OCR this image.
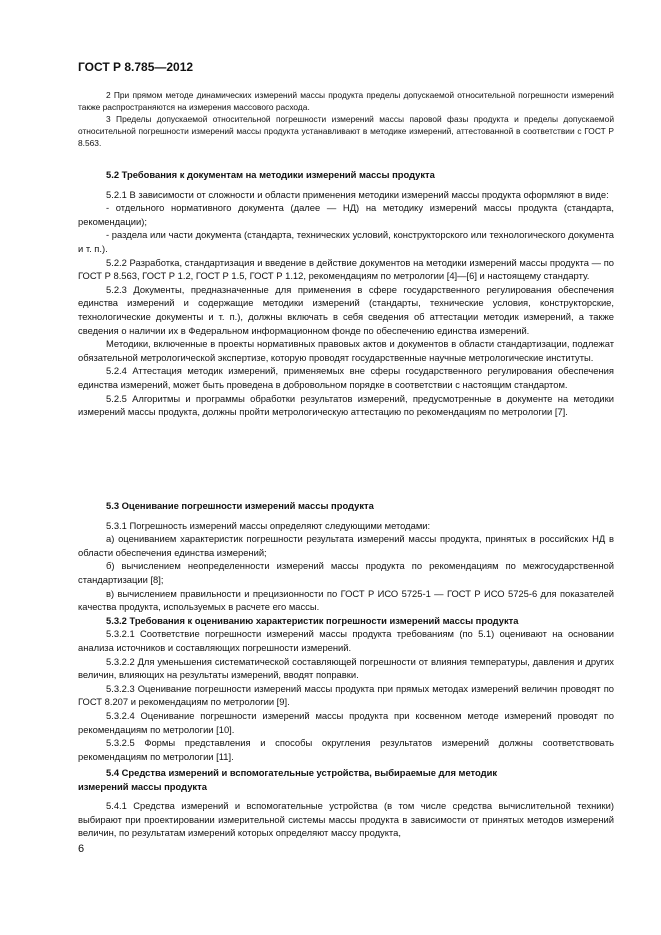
ГОСТ Р 8.785—2012

2 При прямом методе динамических измерений массы продукта пределы допускаемой относительной погрешности измерений также распространяются на измерения массового расхода.

3 Пределы допускаемой относительной погрешности измерений массы паровой фазы продукта и пределы допускаемой относительной погрешности измерений массы продукта устанавливают в методике измерений, аттестованной в соответствии с ГОСТ Р 8.563.

5.2 Требования к документам на методики измерений массы продукта

5.2.1 В зависимости от сложности и области применения методики измерений массы продукта оформляют в виде:

- отдельного нормативного документа (далее — НД) на методику измерений массы продукта (стандарта, рекомендации);

- раздела или части документа (стандарта, технических условий, конструкторского или технологического документа и т. п.).

5.2.2 Разработка, стандартизация и введение в действие документов на методики измерений массы продукта — по ГОСТ Р 8.563, ГОСТ Р 1.2, ГОСТ Р 1.5, ГОСТ Р 1.12, рекомендациям по метрологии [4]—[6] и настоящему стандарту.

5.2.3 Документы, предназначенные для применения в сфере государственного регулирования обеспечения единства измерений и содержащие методики измерений (стандарты, технические условия, конструкторские, технологические документы и т. п.), должны включать в себя сведения об аттестации методик измерений, а также сведения о наличии их в Федеральном информационном фонде по обеспечению единства измерений.

Методики, включенные в проекты нормативных правовых актов и документов в области стандартизации, подлежат обязательной метрологической экспертизе, которую проводят государственные научные метрологические институты.

5.2.4 Аттестация методик измерений, применяемых вне сферы государственного регулирования обеспечения единства измерений, может быть проведена в добровольном порядке в соответствии с настоящим стандартом.

5.2.5 Алгоритмы и программы обработки результатов измерений, предусмотренные в документе на методики измерений массы продукта, должны пройти метрологическую аттестацию по рекомендациям по метрологии [7].

5.3 Оценивание погрешности измерений массы продукта

5.3.1 Погрешность измерений массы определяют следующими методами:

а) оцениванием характеристик погрешности результата измерений массы продукта, принятых в российских НД в области обеспечения единства измерений;

б) вычислением неопределенности измерений массы продукта по рекомендациям по межгосударственной стандартизации [8];

в) вычислением правильности и прецизионности по ГОСТ Р ИСО 5725-1 — ГОСТ Р ИСО 5725-6 для показателей качества продукта, используемых в расчете его массы.

5.3.2 Требования к оцениванию характеристик погрешности измерений массы продукта

5.3.2.1 Соответствие погрешности измерений массы продукта требованиям (по 5.1) оценивают на основании анализа источников и составляющих погрешности измерений.

5.3.2.2 Для уменьшения систематической составляющей погрешности от влияния температуры, давления и других величин, влияющих на результаты измерений, вводят поправки.

5.3.2.3 Оценивание погрешности измерений массы продукта при прямых методах измерений величин проводят по ГОСТ 8.207 и рекомендациям по метрологии [9].

5.3.2.4 Оценивание погрешности измерений массы продукта при косвенном методе измерений проводят по рекомендациям по метрологии [10].

5.3.2.5 Формы представления и способы округления результатов измерений должны соответствовать рекомендациям по метрологии [11].

5.4 Средства измерений и вспомогательные устройства, выбираемые для методик
измерений массы продукта

5.4.1 Средства измерений и вспомогательные устройства (в том числе средства вычислительной техники) выбирают при проектировании измерительной системы массы продукта в зависимости от принятых методов измерений величин, по результатам измерений которых определяют массу продукта,

6
